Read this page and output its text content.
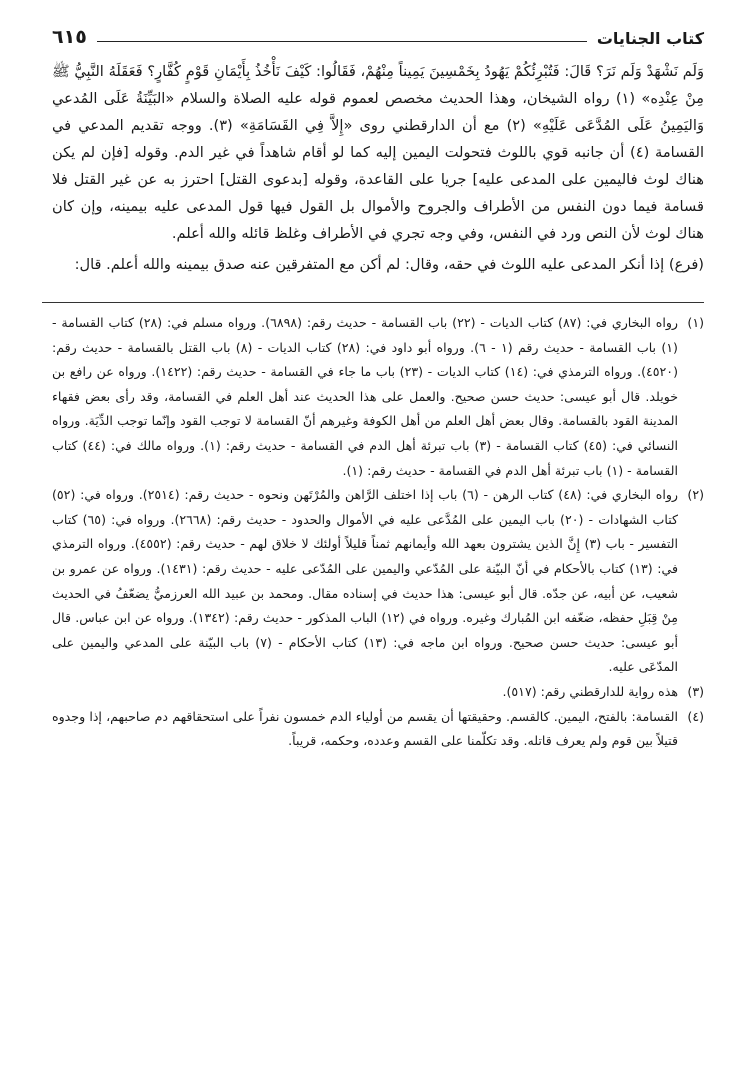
كتاب الجنايات
٦١٥

وَلَم نَشْهَدْ وَلَم نَرَ؟ قَالَ: فَتُبْرِئُكُمْ يَهُودُ بِخَمْسِينَ يَمِيناً مِنْهُمْ، فَقَالُوا: كَيْفَ نَأْخُذُ بِأَيْمَانِ قَوْمٍ كُفَّارٍ؟ فَعَقَلَهُ النَّبِيُّ ﷺ مِنْ عِنْدِه» (١) رواه الشيخان، وهذا الحديث مخصص لعموم قوله عليه الصلاة والسلام «البَيِّنَةُ عَلَى المُدعي وَاليَمِينُ عَلَى المُدَّعَى عَلَيْهِ» (٢) مع أن الدارقطني روى «إِلاَّ فِي القَسَامَةِ» (٣). ووجه تقديم المدعي في القسامة (٤) أن جانبه قوي باللوث فتحولت اليمين إليه كما لو أقام شاهداً في غير الدم. وقوله [فإن لم يكن هناك لوث فاليمين على المدعى عليه] جريا على القاعدة، وقوله [بدعوى القتل] احترز به عن غير القتل فلا قسامة فيما دون النفس من الأطراف والجروح والأموال بل القول فيها قول المدعى عليه بيمينه، وإن كان هناك لوث لأن النص ورد في النفس، وفي وجه تجري في الأطراف وغلظ قائله والله أعلم.

(فرع) إذا أنكر المدعى عليه اللوث في حقه، وقال: لم أكن مع المتفرقين عنه صدق بيمينه والله أعلم. قال:

(١)
رواه البخاري في: (٨٧) كتاب الديات - (٢٢) باب القسامة - حديث رقم: (٦٨٩٨). ورواه مسلم في: (٢٨) كتاب القسامة - (١) باب القسامة - حديث رقم (١ - ٦). ورواه أبو داود في: (٢٨) كتاب الديات - (٨) باب القتل بالقسامة - حديث رقم: (٤٥٢٠). ورواه الترمذي في: (١٤) كتاب الديات - (٢٣) باب ما جاء في القسامة - حديث رقم: (١٤٢٢). ورواه عن رافع بن خويلد. قال أبو عيسى: حديث حسن صحيح. والعمل على هذا الحديث عند أهل العلم في القسامة، وقد رأى بعض فقهاء المدينة القود بالقسامة. وقال بعض أهل العلم من أهل الكوفة وغيرهم أنّ القسامة لا توجب القود وإنّما توجب الدِّيَة. ورواه النسائي في: (٤٥) كتاب القسامة - (٣) باب تبرئة أهل الدم في القسامة - حديث رقم: (١). ورواه مالك في: (٤٤) كتاب القسامة - (١) باب تبرئة أهل الدم في القسامة - حديث رقم: (١).
(٢)
رواه البخاري في: (٤٨) كتاب الرهن - (٦) باب إذا اختلف الرَّاهن والمُرْتَهن ونحوه - حديث رقم: (٢٥١٤). ورواه في: (٥٢) كتاب الشهادات - (٢٠) باب اليمين على المُدَّعى عليه في الأموال والحدود - حديث رقم: (٢٦٦٨). ورواه في: (٦٥) كتاب التفسير - باب (٣) إِنَّ الذين يشترون بعهد الله وأيمانهم ثمناً قليلاً أولئك لا خلاق لهم - حديث رقم: (٤٥٥٢). ورواه الترمذي في: (١٣) كتاب بالأحكام في أنّ البيّنة على المُدّعي واليمين على المُدّعى عليه - حديث رقم: (١٤٣١). ورواه عن عمرو بن شعيب، عن أبيه، عن جدّه. قال أبو عيسى: هذا حديث في إسناده مقال. ومحمد بن عبيد الله العرزميُّ يضعّفُ في الحديث مِنْ قِبَلِ حفظه، ضعّفه ابن المُبارك وغيره. ورواه في (١٢) الباب المذكور - حديث رقم: (١٣٤٢). ورواه عن ابن عباس. قال أبو عيسى: حديث حسن صحيح. ورواه ابن ماجه في: (١٣) كتاب الأحكام - (٧) باب البيّنة على المدعي واليمين على المدّعَى عليه.
(٣)
هذه رواية للدارقطني رقم: (٥١٧).
(٤)
القسامة: بالفتح، اليمين. كالقسم. وحقيقتها أن يقسم من أولياء الدم خمسون نفراً على استحقاقهم دم صاحبهم، إذا وجدوه قتيلاً بين قوم ولم يعرف قاتله. وقد تكلّمنا على القسم وعدده، وحكمه، قريباً.
